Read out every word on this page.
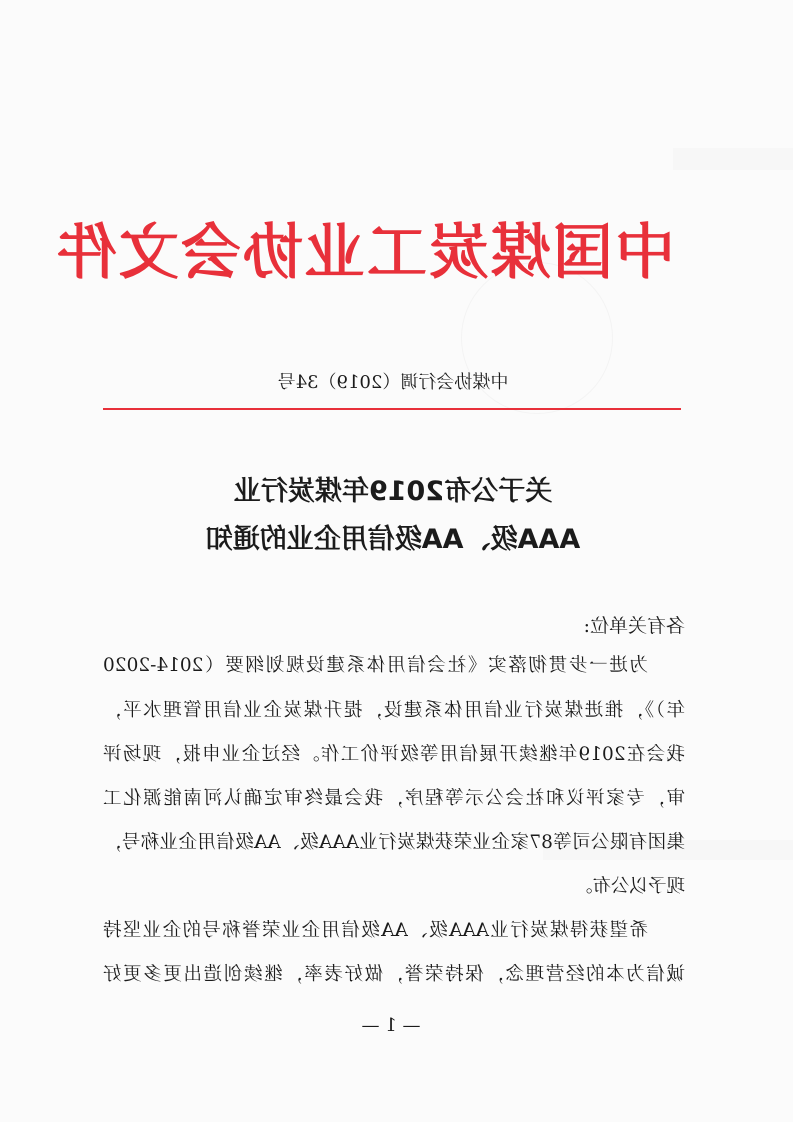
中国煤炭工业协会文件
中煤协会行调（2019）34号
关于公布2019年煤炭行业
AAA级、AA级信用企业的通知
各有关单位:
为进一步贯彻落实《社会信用体系建设规划纲要（2014-2020
年）》，推进煤炭行业信用体系建设，提升煤炭企业信用管理水平，
我会在2019年继续开展信用等级评价工作。经过企业申报，现场评
审，专家评议和社会公示等程序，我会最终审定确认河南能源化工
集团有限公司等87家企业荣获煤炭行业AAA级、AA级信用企业称号，
现予以公布。
希望获得煤炭行业AAA级、AA级信用企业荣誉称号的企业坚持
诚信为本的经营理念，保持荣誉，做好表率，继续创造出更多更好
— 1 —
